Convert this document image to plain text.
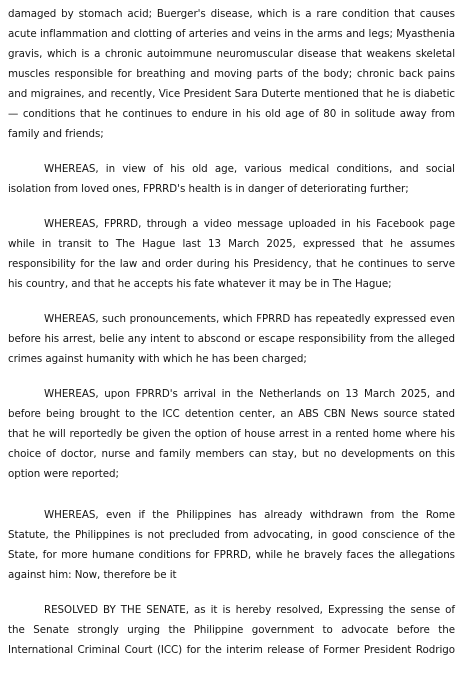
damaged by stomach acid; Buerger's disease, which is a rare condition that causes
acute inflammation and clotting of arteries and veins in the arms and legs; Myasthenia
gravis, which is a chronic autoimmune neuromuscular disease that weakens skeletal
muscles responsible for breathing and moving parts of the body; chronic back pains
and migraines, and recently, Vice President Sara Duterte mentioned that he is diabetic
— conditions that he continues to endure in his old age of 80 in solitude away from
family and friends;
WHEREAS, in view of his old age, various medical conditions, and social
isolation from loved ones, FPRRD's health is in danger of deteriorating further;
WHEREAS, FPRRD, through a video message uploaded in his Facebook page
while in transit to The Hague last 13 March 2025, expressed that he assumes
responsibility for the law and order during his Presidency, that he continues to serve
his country, and that he accepts his fate whatever it may be in The Hague;
WHEREAS, such pronouncements, which FPRRD has repeatedly expressed even
before his arrest, belie any intent to abscond or escape responsibility from the alleged
crimes against humanity with which he has been charged;
WHEREAS, upon FPRRD's arrival in the Netherlands on 13 March 2025, and
before being brought to the ICC detention center, an ABS CBN News source stated
that he will reportedly be given the option of house arrest in a rented home where his
choice of doctor, nurse and family members can stay, but no developments on this
option were reported;
WHEREAS, even if the Philippines has already withdrawn from the Rome
Statute, the Philippines is not precluded from advocating, in good conscience of the
State, for more humane conditions for FPRRD, while he bravely faces the allegations
against him: Now, therefore be it
RESOLVED BY THE SENATE, as it is hereby resolved, Expressing the sense of
the Senate strongly urging the Philippine government to advocate before the
International Criminal Court (ICC) for the interim release of Former President Rodrigo
